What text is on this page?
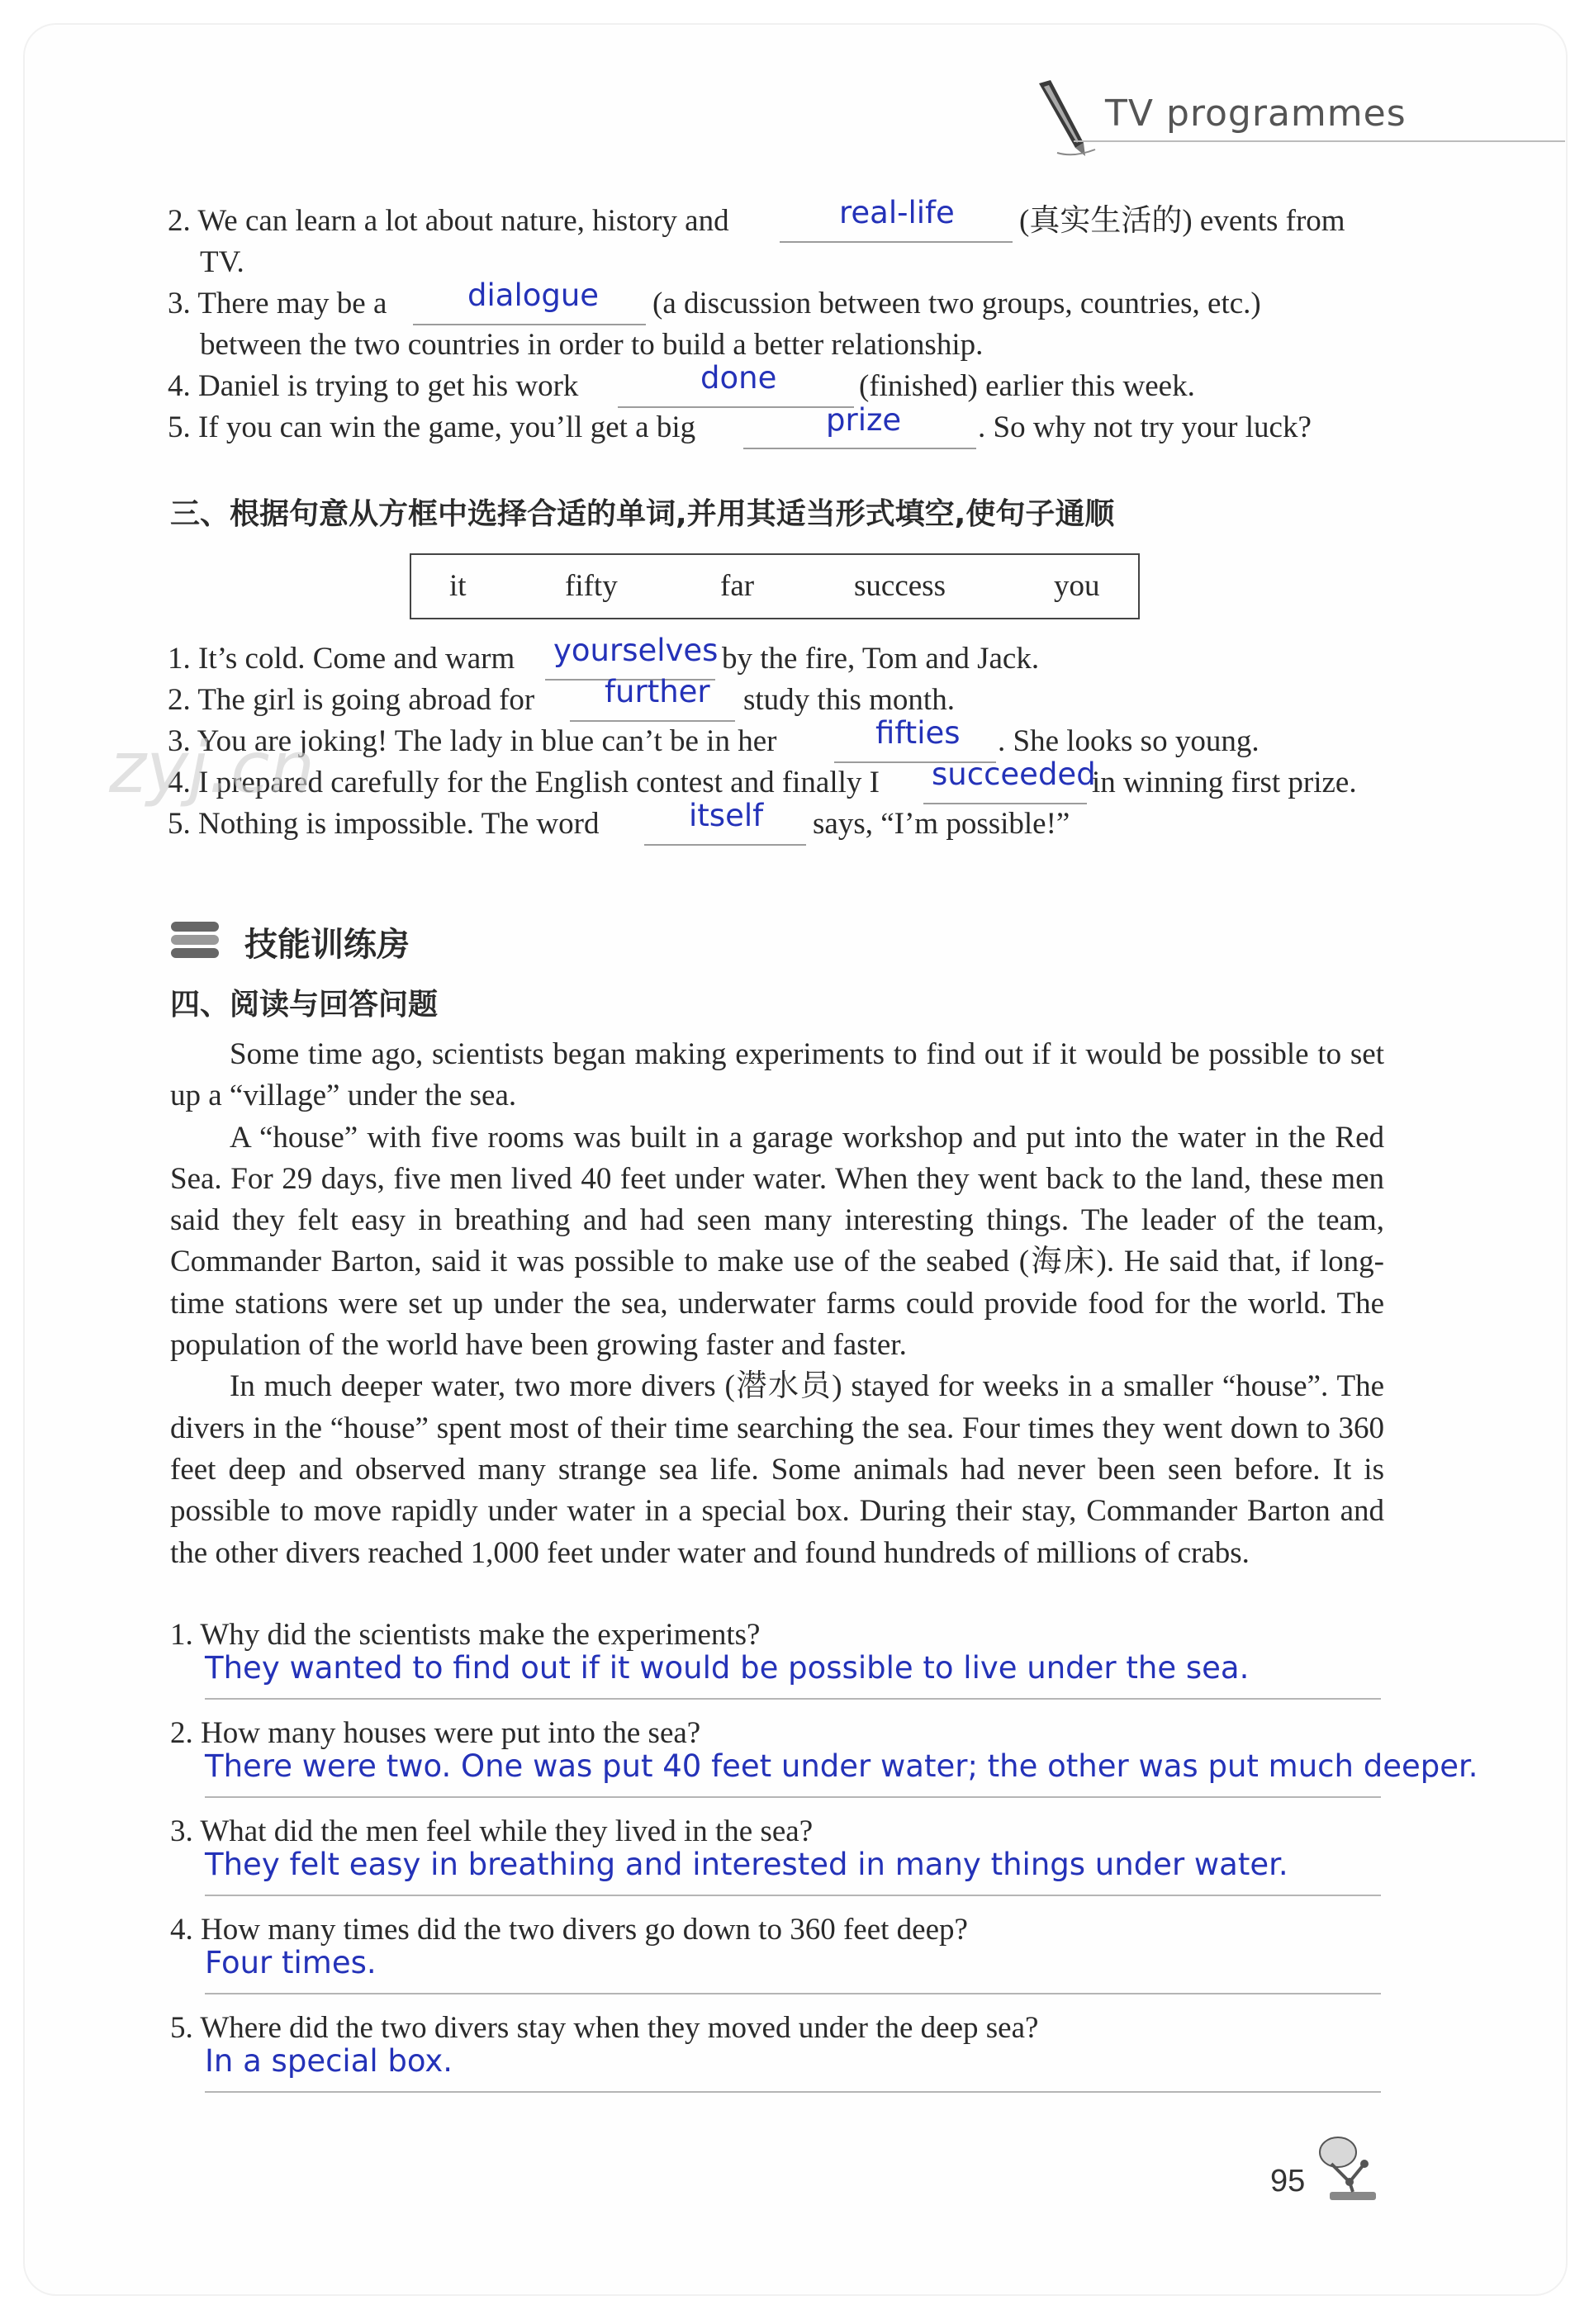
TV programmes
2. We can learn a lot about nature, history and	real-life (真实生活的) events from
TV.
3. There may be a	dialogue (a discussion between two groups, countries, etc.)
between the two countries in order to build a better relationship.
4. Daniel is trying to get his work	done	(finished) earlier this week.
5. If you can win the game, you’ll get a big	prize	. So why not try your luck?
三、根据句意从方框中选择合适的单词,并用其适当形式填空,使句子通顺
it	fifty	far	success	you
1. It’s cold. Come and warm yourselves by the fire, Tom and Jack.
2. The girl is going abroad for further study this month.
3. You are joking! The lady in blue can’t be in her	fifties . She looks so young.
4. I prepared carefully for the English contest and finally I succeeded
in winning first prize.
5. Nothing is impossible. The word	itself says, “I’m possible!”
zyj.cn
技能训练房
四、阅读与回答问题

Some time ago, scientists began making experiments to find out if it would be possible to set up a “village” under the sea.

A “house” with five rooms was built in a garage workshop and put into the water in the Red Sea. For 29 days, five men lived 40 feet under water. When they went back to the land, these men said they felt easy in breathing and had seen many interesting things. The leader of the team, Commander Barton, said it was possible to make use of the seabed (海床). He said that, if long-time stations were set up under the sea, underwater farms could provide food for the world. The population of the world have been growing faster and faster.

In much deeper water, two more divers (潜水员) stayed for weeks in a smaller “house”. The divers in the “house” spent most of their time searching the sea. Four times they went down to 360 feet deep and observed many strange sea life. Some animals had never been seen before. It is possible to move rapidly under water in a special box. During their stay, Commander Barton and the other divers reached 1,000 feet under water and found hundreds of millions of crabs.

1. Why did the scientists make the experiments?
They wanted to find out if it would be possible to live under the sea.
2. How many houses were put into the sea?
There were two. One was put 40 feet under water; the other was put much deeper.
3. What did the men feel while they lived in the sea?
They felt easy in breathing and interested in many things under water.
4. How many times did the two divers go down to 360 feet deep?
Four times.
5. Where did the two divers stay when they moved under the deep sea?
In a special box.
95
